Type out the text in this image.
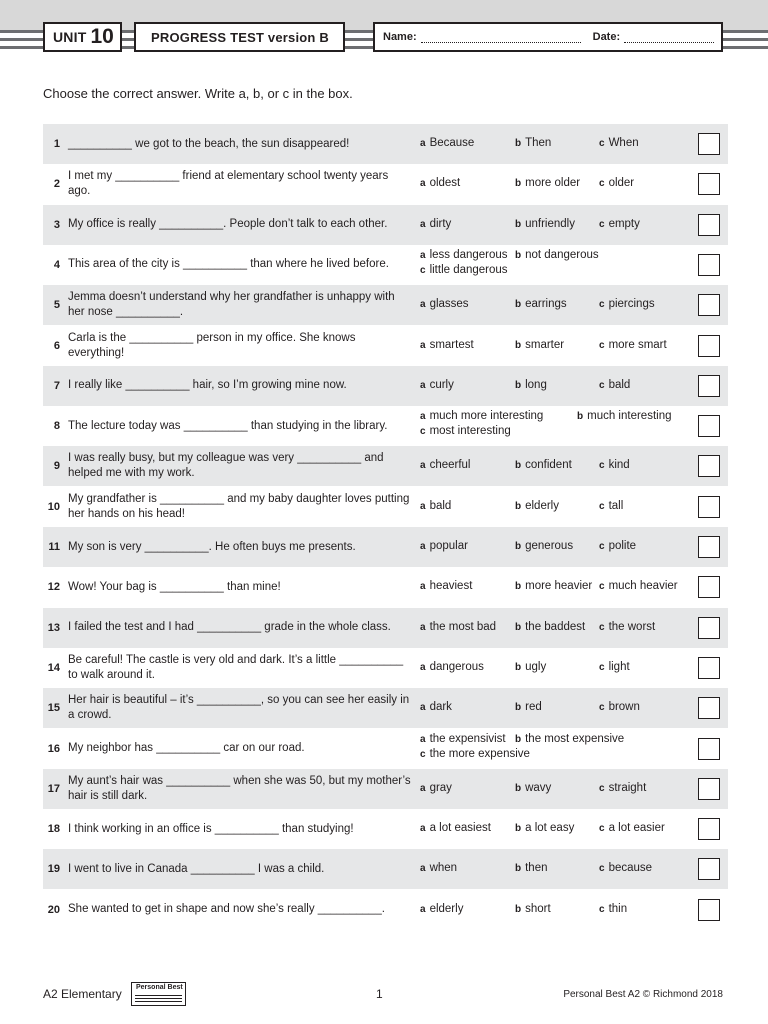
UNIT 10	PROGRESS TEST version B	Name:	Date:
Choose the correct answer. Write a, b, or c in the box.
1 __________ we got to the beach, the sun disappeared!	a Because	b Then	c When
2
I met my __________ friend at elementary school twenty years ago.
a oldest	b more older c older
3 My office is really __________. People don’t talk to each other.	a dirty	b unfriendly c empty
4 This area of the city is __________ than where he lived before.
a less dangerous b not dangerous
c little dangerous
5
Jemma doesn’t understand why her grandfather is unhappy with her nose __________.
a glasses	b earrings	c piercings
6
Carla is the __________ person in my office. She knows everything!
a smartest	b smarter	c more smart
7 I really like __________ hair, so I’m growing mine now.	a curly	b long	c bald
8 The lecture today was __________ than studying in the library.
a much more interesting	b much interesting
c most interesting
9
I was really busy, but my colleague was very __________ and helped me with my work.
a cheerful	b confident	c kind
10
My grandfather is __________ and my baby daughter loves putting her hands on his head!
a bald	b elderly	c tall
11 My son is very __________. He often buys me presents.	a popular	b generous	c polite
12 Wow! Your bag is __________ than mine!	a heaviest	b more heavier c much heavier
13 I failed the test and I had __________ grade in the whole class.	a the most bad b the baddest c the worst
14
Be careful! The castle is very old and dark. It’s a little __________ to walk around it.
a dangerous	b ugly	c light
15
Her hair is beautiful – it’s __________, so you can see her easily in a crowd.
a dark	b red	c brown
16 My neighbor has __________ car on our road.
a the expensivist b the most expensive
c the more expensive
17
My aunt’s hair was __________ when she was 50, but my mother’s hair is still dark.
a gray	b wavy	c straight
18 I think working in an office is __________ than studying!	a a lot easiest b a lot easy c a lot easier
19 I went to live in Canada __________ I was a child.	a when	b then	c because
20 She wanted to get in shape and now she’s really __________.	a elderly	b short	c thin
A2 Elementary Personal Best	1	Personal Best A2 © Richmond 2018
